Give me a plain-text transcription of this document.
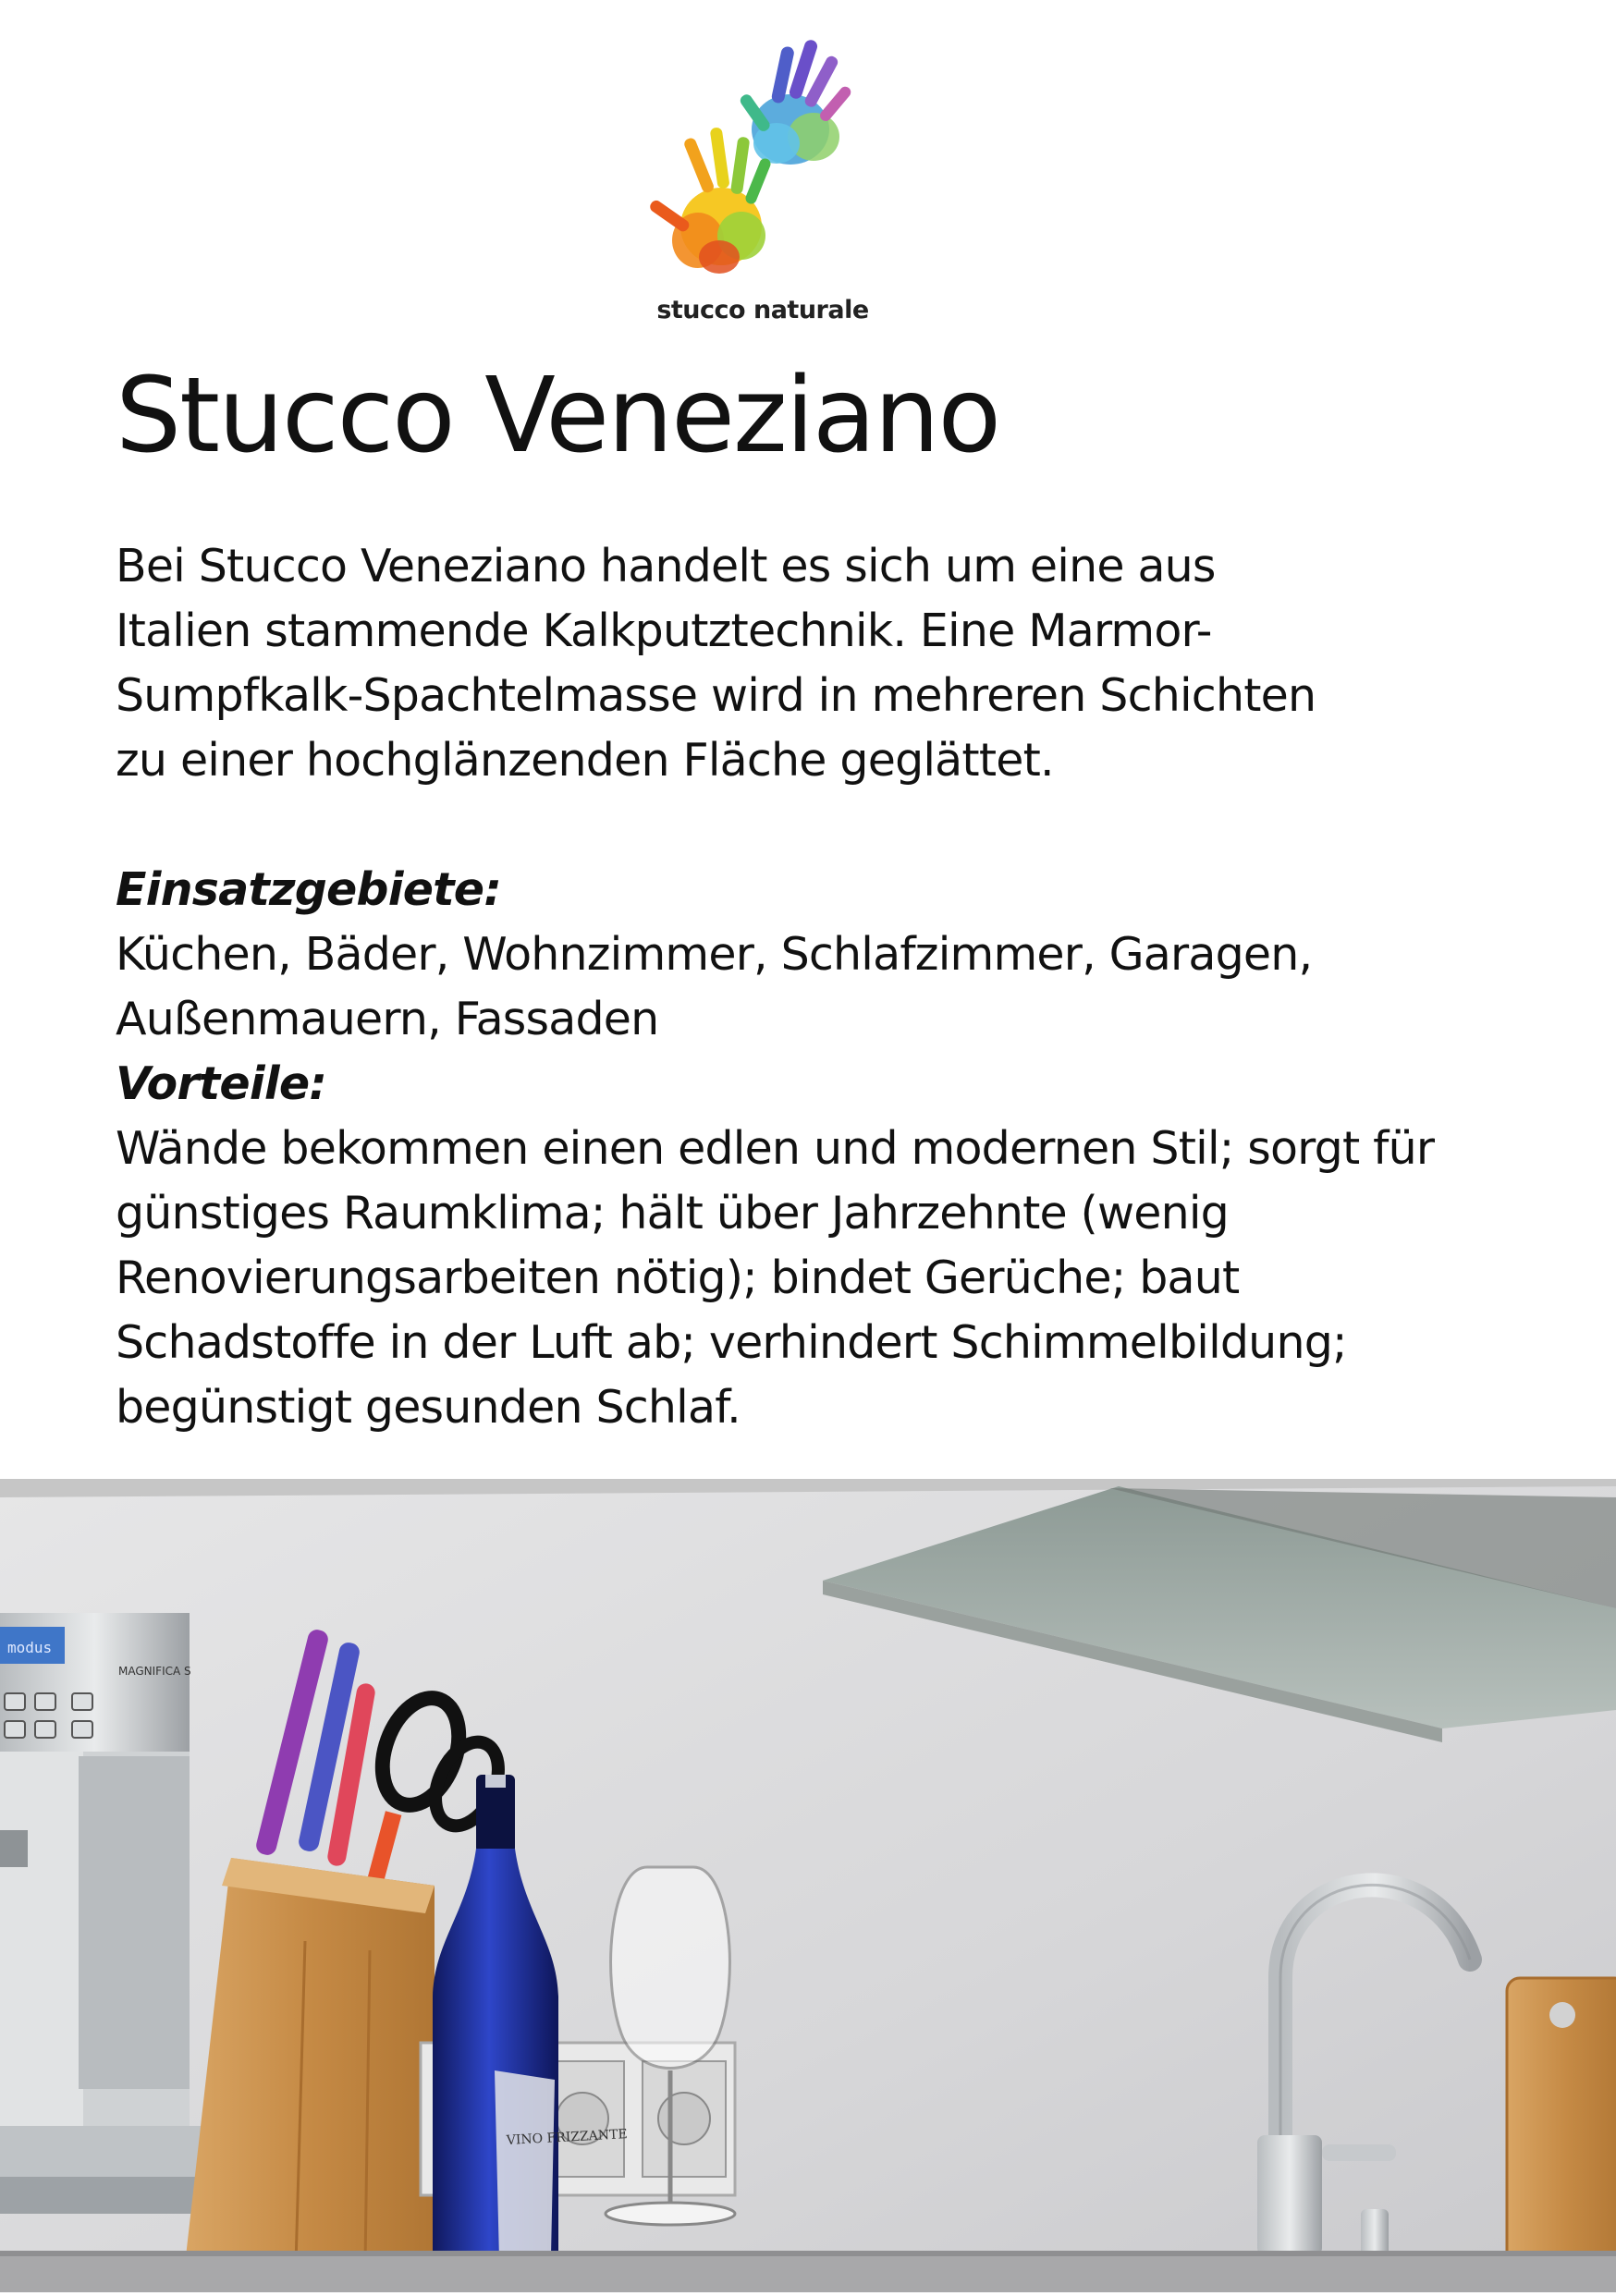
stucco naturale
Stucco Veneziano

Bei Stucco Veneziano handelt es sich um eine aus

Italien stammende Kalkputztechnik. Eine Marmor-

Sumpfkalk-Spachtelmasse wird in mehreren Schichten

zu einer hochglänzenden Fläche geglättet.

Einsatzgebiete:

Küchen, Bäder, Wohnzimmer, Schlafzimmer, Garagen,

Außenmauern, Fassaden

Vorteile:

Wände bekommen einen edlen und modernen Stil; sorgt für

günstiges Raumklima; hält über Jahrzehnte (wenig

Renovierungsarbeiten nötig); bindet Gerüche; baut

Schadstoffe in der Luft ab; verhindert Schimmelbildung;

begünstigt gesunden Schlaf.

modus
MAGNIFICA S
VINO FRIZZANTE
